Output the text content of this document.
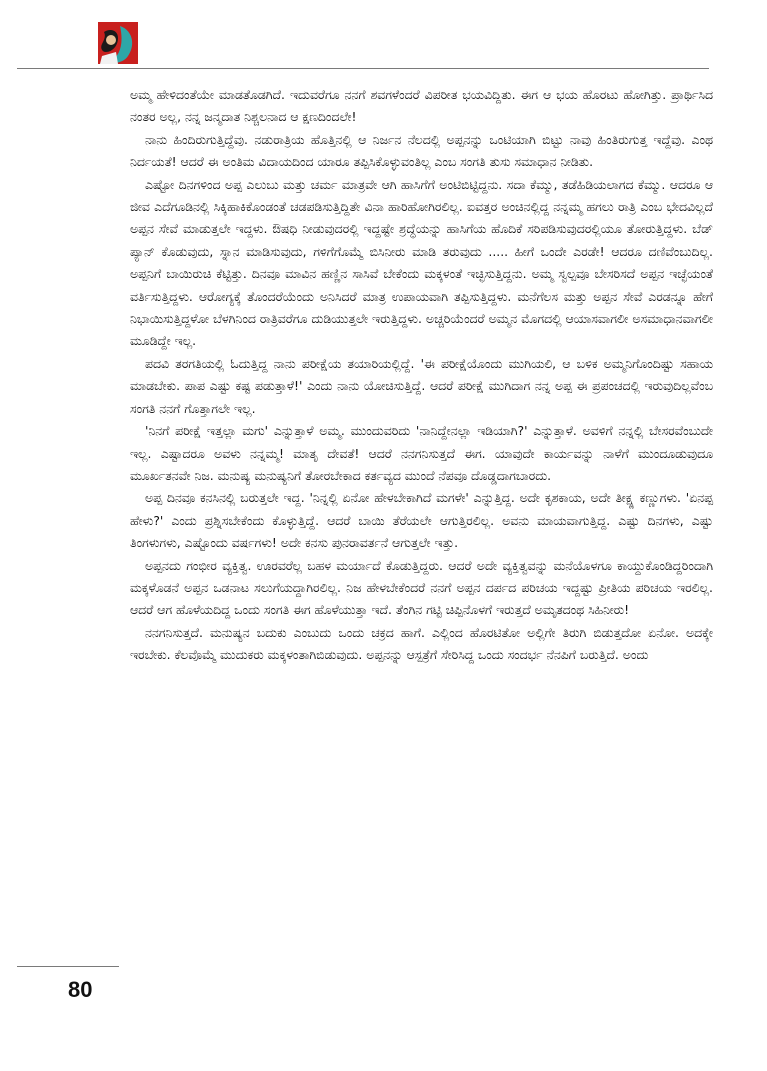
ಅಮ್ಮ ಹೇಳಿದಂತೆಯೇ ಮಾಡತೊಡಗಿದೆ. ಇದುವರೆಗೂ ನನಗೆ ಶವಗಳೆಂದರೆ ವಿಪರೀತ ಭಯವಿದ್ದಿತು. ಈಗ ಆ ಭಯ ಹೊರಟು ಹೋಗಿತ್ತು. ಪ್ರಾರ್ಥಿಸಿದ ನಂತರ ಅಲ್ಲ, ನನ್ನ ಜನ್ಮದಾತ ನಿಶ್ಚಲನಾದ ಆ ಕ್ಷಣದಿಂದಲೇ!

ನಾನು ಹಿಂದಿರುಗುತ್ತಿದ್ದೆವು. ನಡುರಾತ್ರಿಯ ಹೊತ್ತಿನಲ್ಲಿ ಆ ನಿರ್ಜನ ನೆಲದಲ್ಲಿ ಅಪ್ಪನನ್ನು ಒಂಟಿಯಾಗಿ ಬಿಟ್ಟು ನಾವು ಹಿಂತಿರುಗುತ್ತ ಇದ್ದೆವು. ಎಂಥ ನಿರ್ದಯತೆ! ಆದರೆ ಈ ಅಂತಿಮ ವಿದಾಯದಿಂದ ಯಾರೂ ತಪ್ಪಿಸಿಕೊಳ್ಳುವಂತಿಲ್ಲ ಎಂಬ ಸಂಗತಿ ತುಸು ಸಮಾಧಾನ ನೀಡಿತು.

ಎಷ್ಟೋ ದಿನಗಳಿಂದ ಅಪ್ಪ ಎಲುಬು ಮತ್ತು ಚರ್ಮ ಮಾತ್ರವೇ ಆಗಿ ಹಾಸಿಗೆಗೆ ಅಂಟಿಬಿಟ್ಟಿದ್ದನು. ಸದಾ ಕೆಮ್ಮು, ತಡೆಹಿಡಿಯಲಾಗದ ಕೆಮ್ಮು. ಆದರೂ ಆ ಜೀವ ಎದೆಗೂಡಿನಲ್ಲಿ ಸಿಕ್ಕಿಹಾಕಿಕೊಂಡಂತೆ ಚಡಪಡಿಸುತ್ತಿದ್ದಿತೇ ವಿನಾ ಹಾರಿಹೋಗಿರಲಿಲ್ಲ. ಐವತ್ತರ ಅಂಚಿನಲ್ಲಿದ್ದ ನನ್ನಮ್ಮ ಹಗಲು ರಾತ್ರಿ ಎಂಬ ಭೇದವಿಲ್ಲದೆ ಅಪ್ಪನ ಸೇವೆ ಮಾಡುತ್ತಲೇ ಇದ್ದಳು. ಔಷಧಿ ನೀಡುವುದರಲ್ಲಿ ಇದ್ದಷ್ಟೇ ಶ್ರದ್ಧೆಯನ್ನು ಹಾಸಿಗೆಯ ಹೊದಿಕೆ ಸರಿಪಡಿಸುವುದರಲ್ಲಿಯೂ ತೋರುತ್ತಿದ್ದಳು. ಬೆಡ್ ಪ್ಯಾನ್ ಕೊಡುವುದು, ಸ್ನಾನ ಮಾಡಿಸುವುದು, ಗಳಿಗೆಗೊಮ್ಮೆ ಬಿಸಿನೀರು ಮಾಡಿ ತರುವುದು ..... ಹೀಗೆ ಒಂದೇ ಎರಡೇ! ಆದರೂ ದಣಿವೆಂಬುದಿಲ್ಲ. ಅಪ್ಪನಿಗೆ ಬಾಯಿರುಚಿ ಕೆಟ್ಟಿತ್ತು. ದಿನವೂ ಮಾವಿನ ಹಣ್ಣಿನ ಸಾಸಿವೆ ಬೇಕೆಂದು ಮಕ್ಕಳಂತೆ ಇಚ್ಛಿಸುತ್ತಿದ್ದನು. ಅಮ್ಮ ಸ್ವಲ್ಪವೂ ಬೇಸರಿಸದೆ ಅಪ್ಪನ ಇಚ್ಛೆಯಂತೆ ವರ್ತಿಸುತ್ತಿದ್ದಳು. ಆರೋಗ್ಯಕ್ಕೆ ತೊಂದರೆಯೆಂದು ಅನಿಸಿದರೆ ಮಾತ್ರ ಉಪಾಯವಾಗಿ ತಪ್ಪಿಸುತ್ತಿದ್ದಳು. ಮನೆಗೆಲಸ ಮತ್ತು ಅಪ್ಪನ ಸೇವೆ ಎರಡನ್ನೂ ಹೇಗೆ ನಿಭಾಯಿಸುತ್ತಿದ್ದಳೋ ಬೆಳಗಿನಿಂದ ರಾತ್ರಿವರೆಗೂ ದುಡಿಯುತ್ತಲೇ ಇರುತ್ತಿದ್ದಳು. ಅಚ್ಚರಿಯೆಂದರೆ ಅಮ್ಮನ ಮೊಗದಲ್ಲಿ ಆಯಾಸವಾಗಲೀ ಅಸಮಾಧಾನವಾಗಲೀ ಮೂಡಿದ್ದೇ ಇಲ್ಲ.

ಪದವಿ ತರಗತಿಯಲ್ಲಿ ಓದುತ್ತಿದ್ದ ನಾನು ಪರೀಕ್ಷೆಯ ತಯಾರಿಯಲ್ಲಿದ್ದೆ. 'ಈ ಪರೀಕ್ಷೆಯೊಂದು ಮುಗಿಯಲಿ, ಆ ಬಳಿಕ ಅಮ್ಮನಿಗೊಂದಿಷ್ಟು ಸಹಾಯ ಮಾಡಬೇಕು. ಪಾಪ ಎಷ್ಟು ಕಷ್ಟ ಪಡುತ್ತಾಳೆ!' ಎಂದು ನಾನು ಯೋಚಿಸುತ್ತಿದ್ದೆ. ಆದರೆ ಪರೀಕ್ಷೆ ಮುಗಿದಾಗ ನನ್ನ ಅಪ್ಪ ಈ ಪ್ರಪಂಚದಲ್ಲಿ ಇರುವುದಿಲ್ಲವೆಂಬ ಸಂಗತಿ ನನಗೆ ಗೊತ್ತಾಗಲೇ ಇಲ್ಲ.

'ನಿನಗೆ ಪರೀಕ್ಷೆ ಇತ್ತಲ್ಲಾ ಮಗು' ಎನ್ನುತ್ತಾಳೆ ಅಮ್ಮ. ಮುಂದುವರಿದು 'ನಾನಿದ್ದೇನಲ್ಲಾ ಇಡಿಯಾಗಿ?' ಎನ್ನುತ್ತಾಳೆ. ಅವಳಿಗೆ ನನ್ನಲ್ಲಿ ಬೇಸರವೆಂಬುದೇ ಇಲ್ಲ. ಎಷ್ಟಾದರೂ ಅವಳು ನನ್ನಮ್ಮ! ಮಾತೃ ದೇವತೆ! ಆದರೆ ನನಗನಿಸುತ್ತದೆ ಈಗ. ಯಾವುದೇ ಕಾರ್ಯವನ್ನು ನಾಳೆಗೆ ಮುಂದೂಡುವುದೂ ಮೂರ್ಖತನವೇ ನಿಜ. ಮನುಷ್ಯ ಮನುಷ್ಯನಿಗೆ ತೋರಬೇಕಾದ ಕರ್ತವ್ಯದ ಮುಂದೆ ನೆಪವೂ ದೊಡ್ಡದಾಗಬಾರದು.

ಅಪ್ಪ ದಿನವೂ ಕನಸಿನಲ್ಲಿ ಬರುತ್ತಲೇ ಇದ್ದ. 'ನಿನ್ನಲ್ಲಿ ಏನೋ ಹೇಳಬೇಕಾಗಿದೆ ಮಗಳೇ' ಎನ್ನುತ್ತಿದ್ದ. ಅದೇ ಕೃಶಕಾಯ, ಅದೇ ತೀಕ್ಷ್ಣ ಕಣ್ಣುಗಳು. 'ಏನಪ್ಪ ಹೇಳು?' ಎಂದು ಪ್ರಶ್ನಿಸಬೇಕೆಂದು ಕೊಳ್ಳುತ್ತಿದ್ದೆ. ಆದರೆ ಬಾಯಿ ತೆರೆಯಲೇ ಆಗುತ್ತಿರಲಿಲ್ಲ. ಅವನು ಮಾಯವಾಗುತ್ತಿದ್ದ. ಎಷ್ಟು ದಿನಗಳು, ಎಷ್ಟು ತಿಂಗಳುಗಳು, ಎಷ್ಟೊಂದು ವರ್ಷಗಳು! ಅದೇ ಕನಸು ಪುನರಾವರ್ತನೆ ಆಗುತ್ತಲೇ ಇತ್ತು.

ಅಪ್ಪನದು ಗಂಭೀರ ವ್ಯಕ್ತಿತ್ವ. ಊರವರೆಲ್ಲ ಬಹಳ ಮರ್ಯಾದೆ ಕೊಡುತ್ತಿದ್ದರು. ಆದರೆ ಅದೇ ವ್ಯಕ್ತಿತ್ವವನ್ನು ಮನೆಯೊಳಗೂ ಕಾಯ್ದುಕೊಂಡಿದ್ದರಿಂದಾಗಿ ಮಕ್ಕಳೊಡನೆ ಅಪ್ಪನ ಒಡನಾಟ ಸಲುಗೆಯದ್ದಾಗಿರಲಿಲ್ಲ. ನಿಜ ಹೇಳಬೇಕೆಂದರೆ ನನಗೆ ಅಪ್ಪನ ದರ್ಪದ ಪರಿಚಯ ಇದ್ದಷ್ಟು ಪ್ರೀತಿಯ ಪರಿಚಯ ಇರಲಿಲ್ಲ. ಆದರೆ ಆಗ ಹೊಳೆಯದಿದ್ದ ಒಂದು ಸಂಗತಿ ಈಗ ಹೊಳೆಯುತ್ತಾ ಇದೆ. ತೆಂಗಿನ ಗಟ್ಟಿ ಚಿಪ್ಪಿನೊಳಗೆ ಇರುತ್ತದೆ ಅಮೃತದಂಥ ಸಿಹಿನೀರು!

ನನಗನಿಸುತ್ತದೆ. ಮನುಷ್ಯನ ಬದುಕು ಎಂಬುದು ಒಂದು ಚಕ್ರದ ಹಾಗೆ. ಎಲ್ಲಿಂದ ಹೊರಟಿತೋ ಅಲ್ಲಿಗೇ ತಿರುಗಿ ಬಿಡುತ್ತದೋ ಏನೋ. ಅದಕ್ಕೇ ಇರಬೇಕು. ಕೆಲವೊಮ್ಮೆ ಮುದುಕರು ಮಕ್ಕಳಂತಾಗಿಬಿಡುವುದು. ಅಪ್ಪನನ್ನು ಆಸ್ಪತ್ರೆಗೆ ಸೇರಿಸಿದ್ದ ಒಂದು ಸಂದರ್ಭ ನೆನಪಿಗೆ ಬರುತ್ತಿದೆ. ಅಂದು

80
